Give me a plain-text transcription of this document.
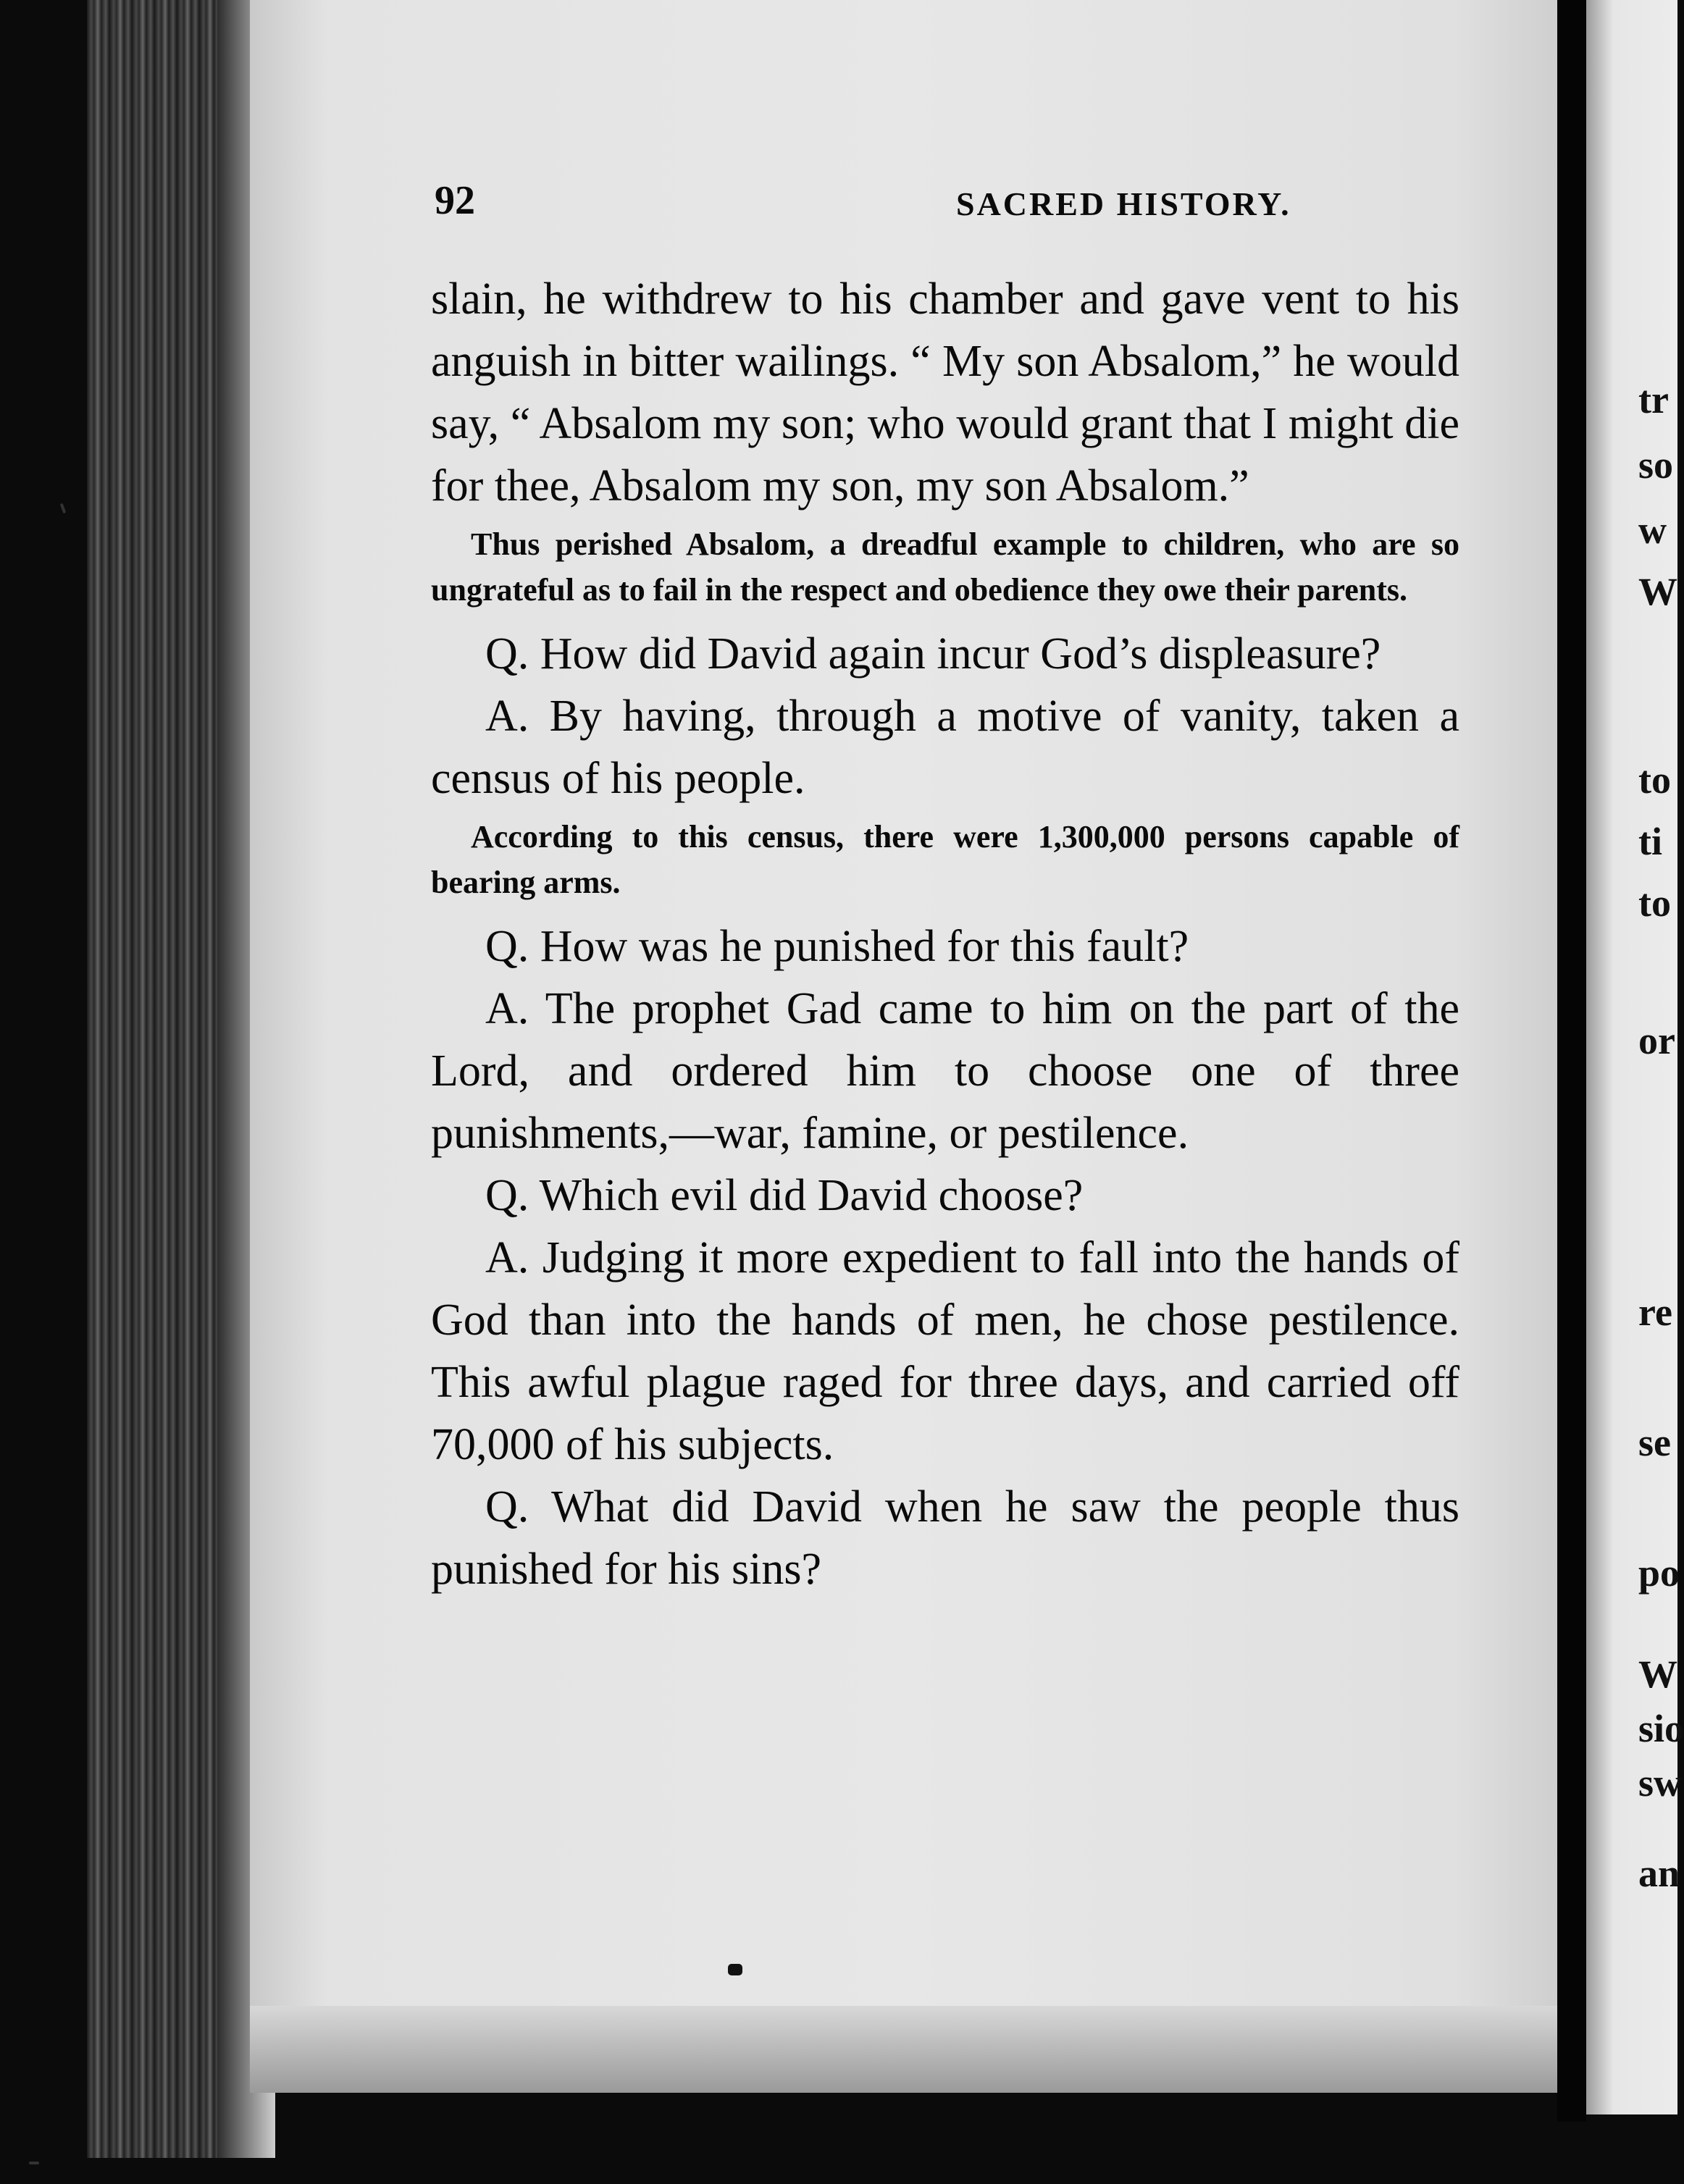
92	SACRED HISTORY.

slain, he withdrew to his chamber and gave vent to his anguish in bitter wailings. “ My son Absalom,” he would say, “ Absalom my son; who would grant that I might die for thee, Absalom my son, my son Absalom.”

Thus perished Absalom, a dreadful example to children, who are so ungrateful as to fail in the respect and obedience they owe their parents.

Q. How did David again incur God’s displeasure?

A. By having, through a motive of vanity, taken a census of his people.

According to this census, there were 1,300,000 persons capable of bearing arms.

Q. How was he punished for this fault?

A. The prophet Gad came to him on the part of the Lord, and ordered him to choose one of three punishments,—war, famine, or pestilence.

Q. Which evil did David choose?

A. Judging it more expedient to fall into the hands of God than into the hands of men, he chose pestilence. This awful plague raged for three days, and carried off 70,000 of his subjects.

Q. What did David when he saw the people thus punished for his sins?

tr
so
w
W
to
ti
to
or
re
se
po
W
sio
sw
an
